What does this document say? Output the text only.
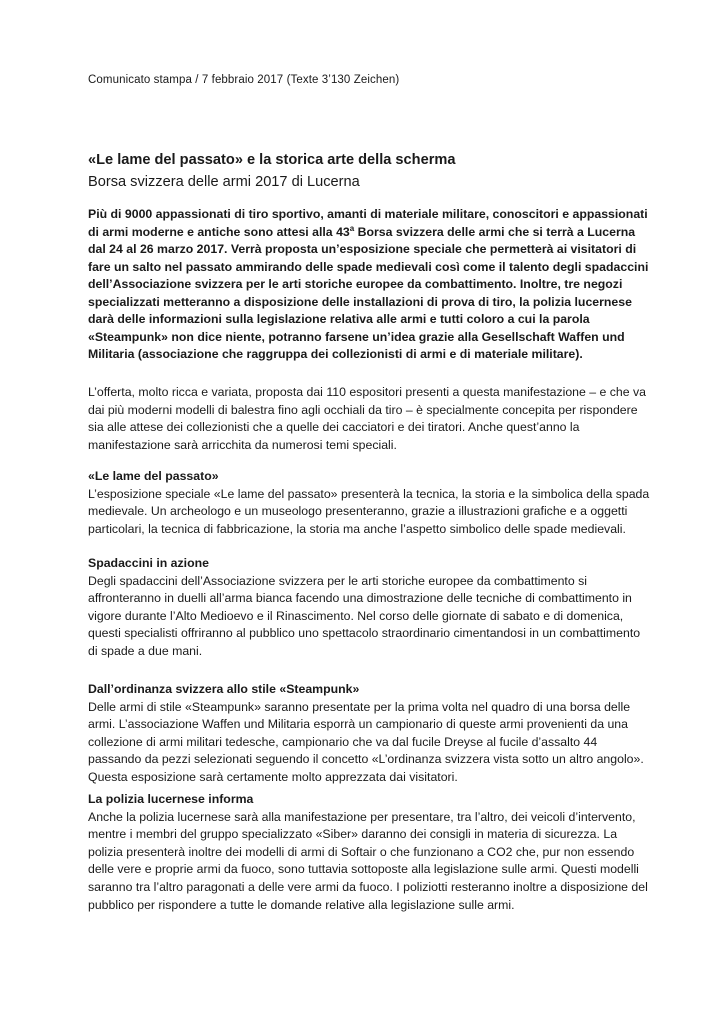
Comunicato stampa / 7 febbraio 2017 (Texte 3’130 Zeichen)
«Le lame del passato» e la storica arte della scherma
Borsa svizzera delle armi 2017 di Lucerna
Più di 9000 appassionati di tiro sportivo, amanti di materiale militare, conoscitori e appassionati di armi moderne e antiche sono attesi alla 43$^a$ Borsa svizzera delle armi che si terrà a Lucerna dal 24 al 26 marzo 2017. Verrà proposta un’esposizione speciale che permetterà ai visitatori di fare un salto nel passato ammirando delle spade medievali così come il talento degli spadaccini dell’Associazione svizzera per le arti storiche europee da combattimento. Inoltre, tre negozi specializzati metteranno a disposizione delle installazioni di prova di tiro, la polizia lucernese darà delle informazioni sulla legislazione relativa alle armi e tutti coloro a cui la parola «Steampunk» non dice niente, potranno farsene un’idea grazie alla Gesellschaft Waffen und Militaria (associazione che raggruppa dei collezionisti di armi e di materiale militare).
L’offerta, molto ricca e variata, proposta dai 110 espositori presenti a questa manifestazione – e che va dai più moderni modelli di balestra fino agli occhiali da tiro – è specialmente concepita per rispondere sia alle attese dei collezionisti che a quelle dei cacciatori e dei tiratori. Anche quest’anno la manifestazione sarà arricchita da numerosi temi speciali.
«Le lame del passato»
L’esposizione speciale «Le lame del passato» presenterà la tecnica, la storia e la simbolica della spada medievale. Un archeologo e un museologo presenteranno, grazie a illustrazioni grafiche e a oggetti particolari, la tecnica di fabbricazione, la storia ma anche l’aspetto simbolico delle spade medievali.
Spadaccini in azione
Degli spadaccini dell’Associazione svizzera per le arti storiche europee da combattimento si affronteranno in duelli all’arma bianca facendo una dimostrazione delle tecniche di combattimento in vigore durante l’Alto Medioevo e il Rinascimento. Nel corso delle giornate di sabato e di domenica, questi specialisti offriranno al pubblico uno spettacolo straordinario cimentandosi in un combattimento di spade a due mani.
Dall’ordinanza svizzera allo stile «Steampunk»
Delle armi di stile «Steampunk» saranno presentate per la prima volta nel quadro di una borsa delle armi. L’associazione Waffen und Militaria esporrà un campionario di queste armi provenienti da una collezione di armi militari tedesche, campionario che va dal fucile Dreyse al fucile d’assalto 44 passando da pezzi selezionati seguendo il concetto «L’ordinanza svizzera vista sotto un altro angolo». Questa esposizione sarà certamente molto apprezzata dai visitatori.
La polizia lucernese informa
Anche la polizia lucernese sarà alla manifestazione per presentare, tra l’altro, dei veicoli d’intervento, mentre i membri del gruppo specializzato «Siber» daranno dei consigli in materia di sicurezza. La polizia presenterà inoltre dei modelli di armi di Softair o che funzionano a CO2 che, pur non essendo delle vere e proprie armi da fuoco, sono tuttavia sottoposte alla legislazione sulle armi. Questi modelli saranno tra l’altro paragonati a delle vere armi da fuoco. I poliziotti resteranno inoltre a disposizione del pubblico per rispondere a tutte le domande relative alla legislazione sulle armi.
